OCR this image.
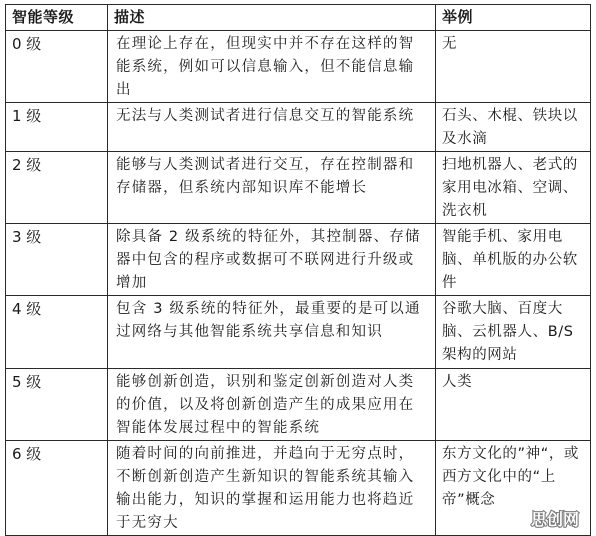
智能等级	描述	举例
0 级	在理论上存在，但现实中并不存在这样的智能系统，例如可以信息输入，但不能信息输出	无
1 级	无法与人类测试者进行信息交互的智能系统	石头、木棍、铁块以及水滴
2 级	能够与人类测试者进行交互，存在控制器和存储器，但系统内部知识库不能增长	扫地机器人、老式的家用电冰箱、空调、洗衣机
3 级	除具备 2 级系统的特征外，其控制器、存储器中包含的程序或数据可不联网进行升级或增加	智能手机、家用电脑、单机版的办公软件
4 级	包含 3 级系统的特征外，最重要的是可以通过网络与其他智能系统共享信息和知识	谷歌大脑、百度大脑、云机器人、B/S 架构的网站
5 级	能够创新创造，识别和鉴定创新创造对人类的价值，以及将创新创造产生的成果应用在智能体发展过程中的智能系统	人类
6 级	随着时间的向前推进，并趋向于无穷点时，不断创新创造产生新知识的智能系统其输入输出能力，知识的掌握和运用能力也将趋近于无穷大	东方文化的”神“，或西方文化中的“上帝”概念
思创网
